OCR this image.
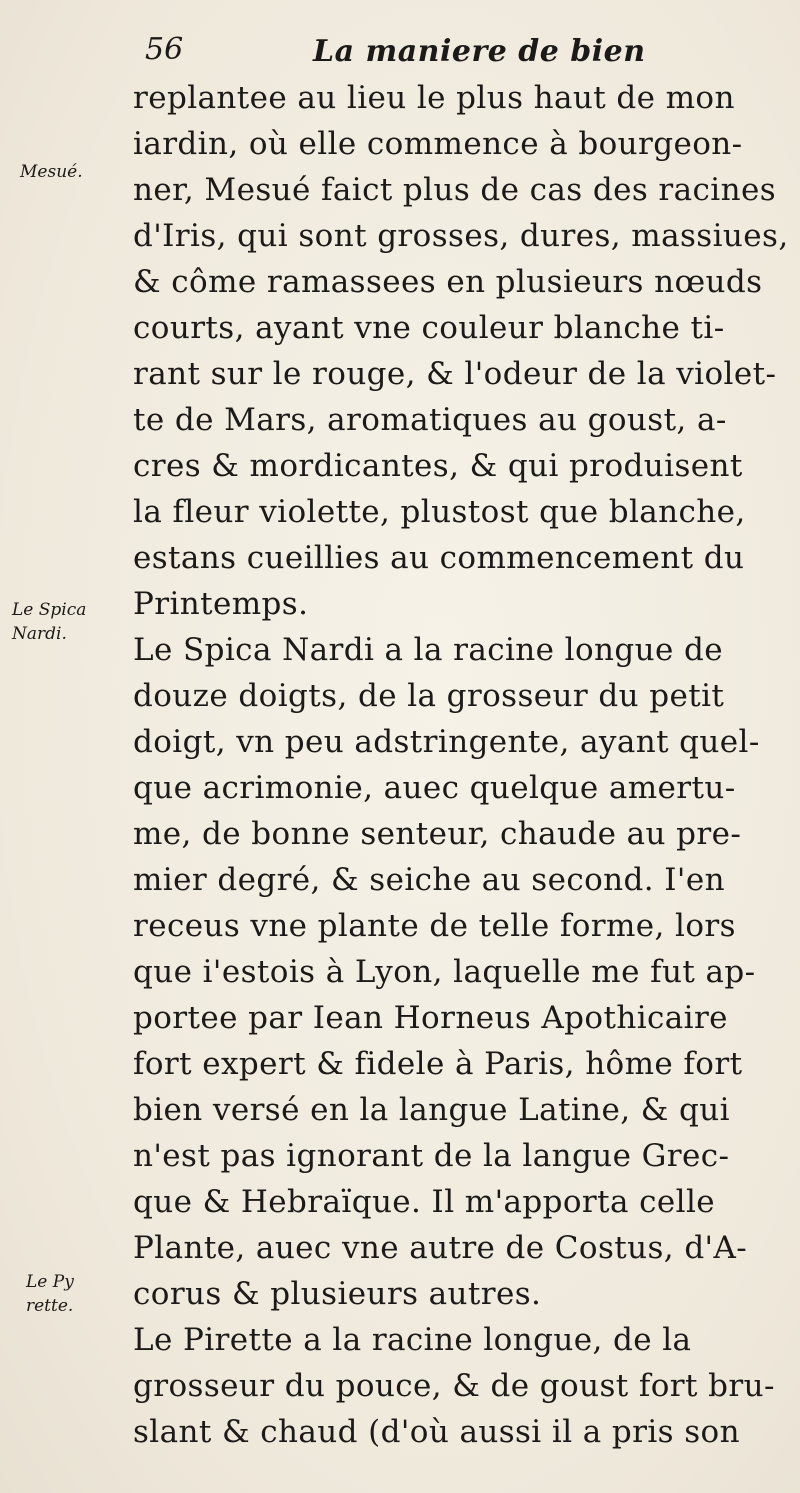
56	La maniere de bien
Mesué.
Le Spica
Nardi.
Le Py
rette.
replantee au lieu le plus haut de mon
iardin, où elle commence à bourgeon-
ner, Mesué faict plus de cas des racines
d'Iris, qui sont grosses, dures, massiues,
& côme ramassees en plusieurs nœuds
courts, ayant vne couleur blanche ti-
rant sur le rouge, & l'odeur de la violet-
te de Mars, aromatiques au goust, a-
cres & mordicantes, & qui produisent
la fleur violette, plustost que blanche,
estans cueillies au commencement du
Printemps.
Le Spica Nardi a la racine longue de
douze doigts, de la grosseur du petit
doigt, vn peu adstringente, ayant quel-
que acrimonie, auec quelque amertu-
me, de bonne senteur, chaude au pre-
mier degré, & seiche au second. I'en
receus vne plante de telle forme, lors
que i'estois à Lyon, laquelle me fut ap-
portee par Iean Horneus Apothicaire
fort expert & fidele à Paris, hôme fort
bien versé en la langue Latine, & qui
n'est pas ignorant de la langue Grec-
que & Hebraïque. Il m'apporta celle
Plante, auec vne autre de Costus, d'A-
corus & plusieurs autres.
Le Pirette a la racine longue, de la
grosseur du pouce, & de goust fort bru-
slant & chaud (d'où aussi il a pris son
